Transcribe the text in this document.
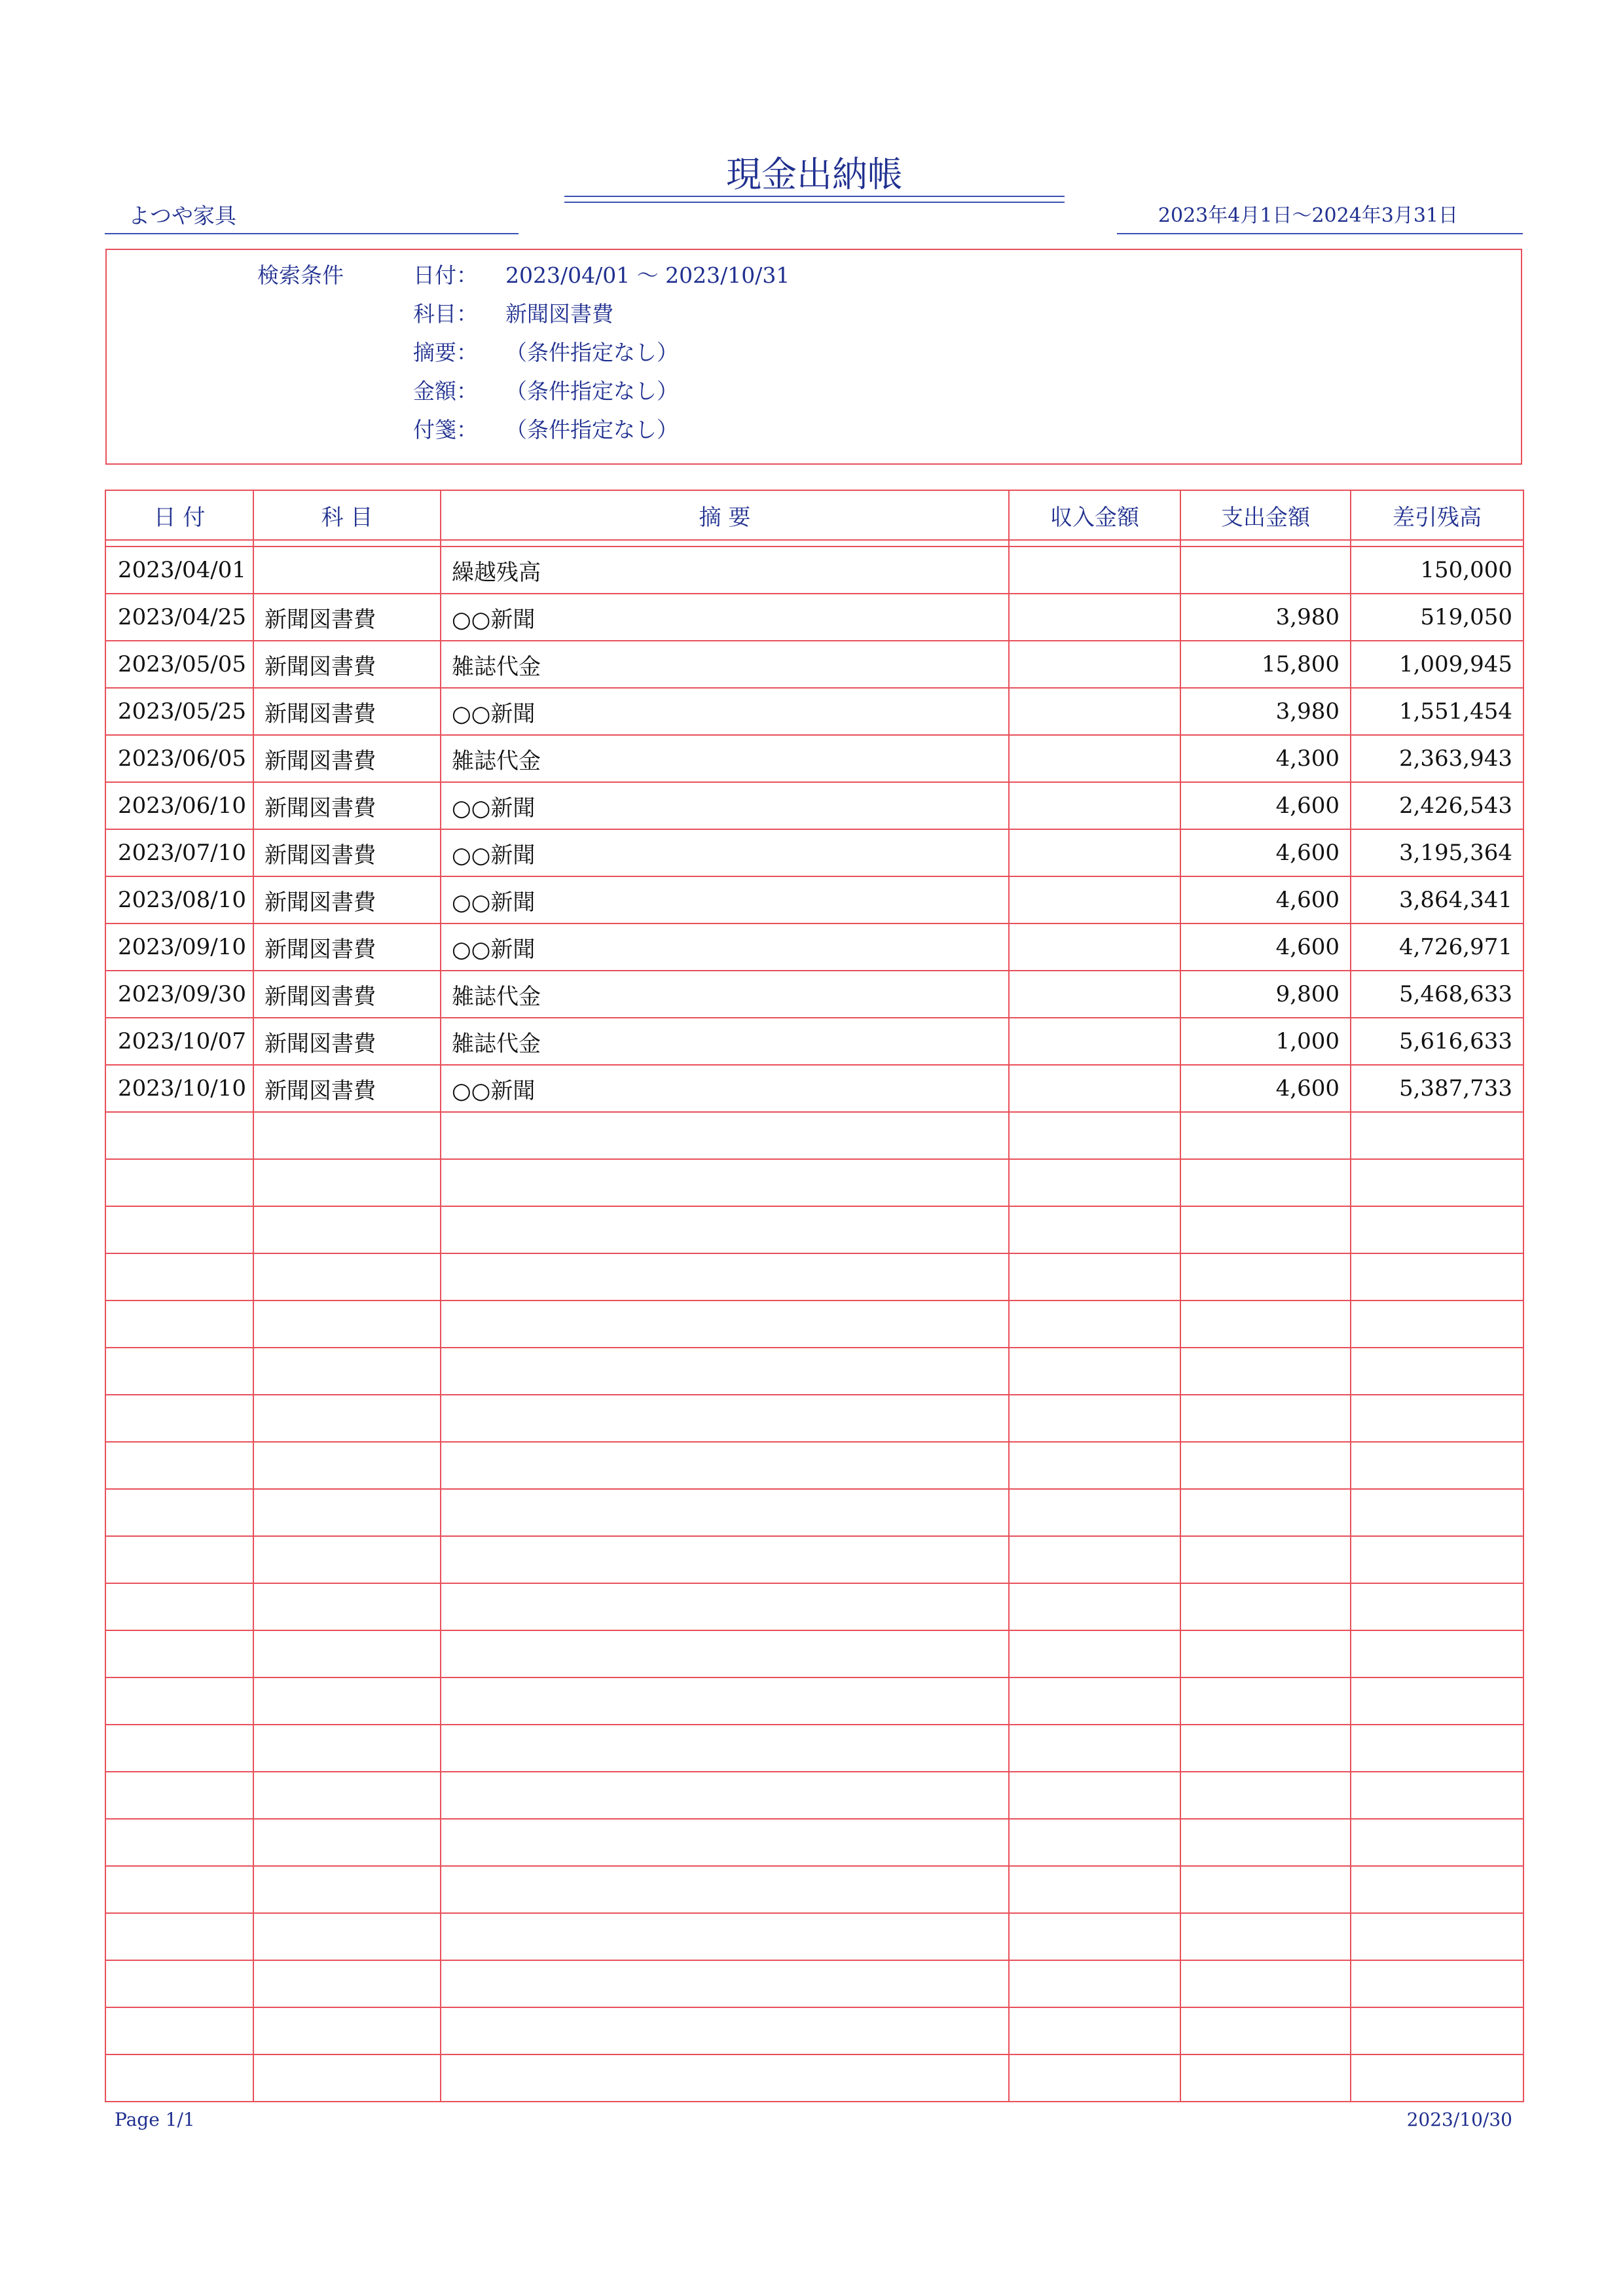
現金出納帳
よつや家具	2023年4月1日～2024年3月31日
検索条件	日付： 2023/04/01 〜 2023/10/31
科目： 新聞図書費
摘要： （条件指定なし）
金額： （条件指定なし）
付箋： （条件指定なし）
日 付	科 目	摘 要	収入金額	支出金額	差引残高

2023/04/01		繰越残高			150,000
2023/04/25	新聞図書費	○○新聞		3,980	519,050
2023/05/05	新聞図書費	雑誌代金		15,800	1,009,945
2023/05/25	新聞図書費	○○新聞		3,980	1,551,454
2023/06/05	新聞図書費	雑誌代金		4,300	2,363,943
2023/06/10	新聞図書費	○○新聞		4,600	2,426,543
2023/07/10	新聞図書費	○○新聞		4,600	3,195,364
2023/08/10	新聞図書費	○○新聞		4,600	3,864,341
2023/09/10	新聞図書費	○○新聞		4,600	4,726,971
2023/09/30	新聞図書費	雑誌代金		9,800	5,468,633
2023/10/07	新聞図書費	雑誌代金		1,000	5,616,633
2023/10/10	新聞図書費	○○新聞		4,600	5,387,733

Page 1/1	2023/10/30
